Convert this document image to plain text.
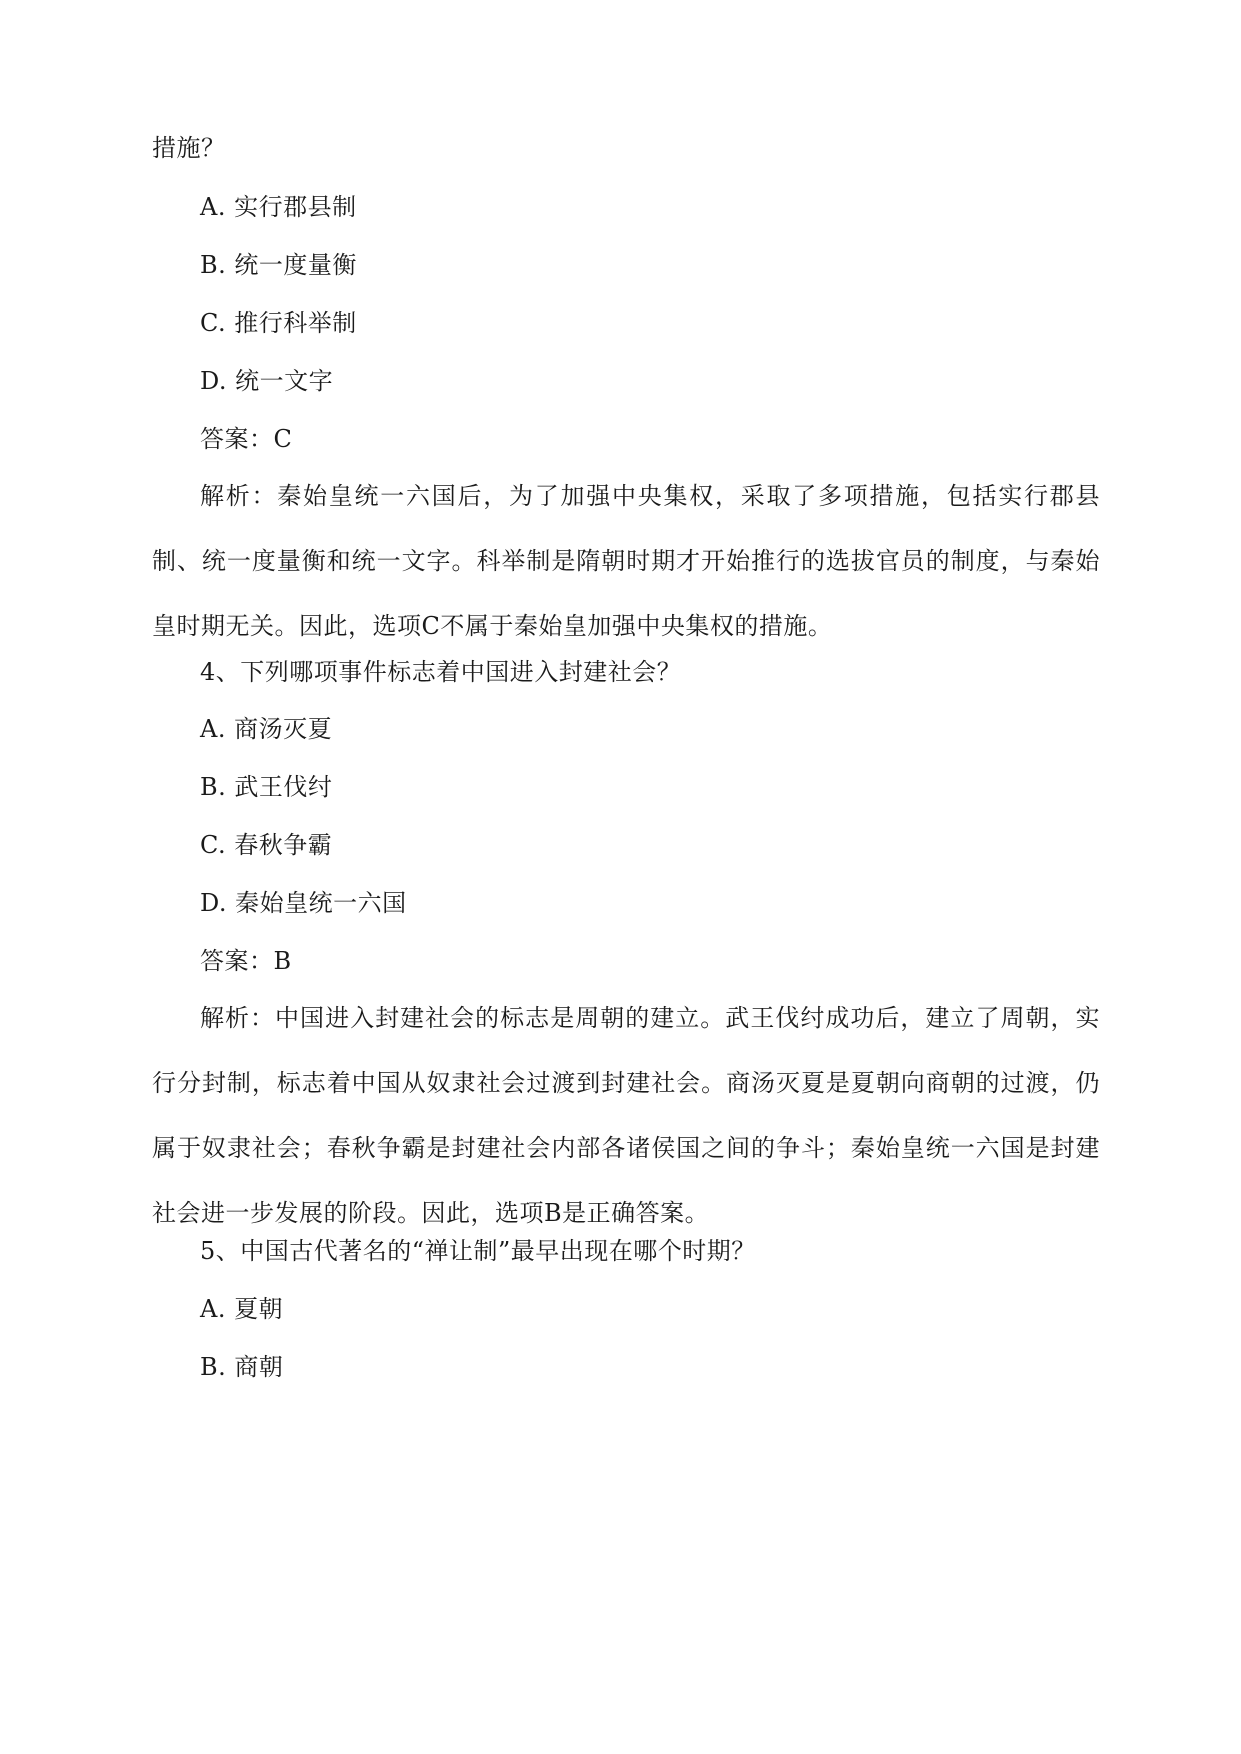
措施？
A. 实行郡县制
B. 统一度量衡
C. 推行科举制
D. 统一文字
答案：C
解析：秦始皇统一六国后，为了加强中央集权，采取了多项措施，包括实行郡县制、统一度量衡和统一文字。科举制是隋朝时期才开始推行的选拔官员的制度，与秦始皇时期无关。因此，选项C不属于秦始皇加强中央集权的措施。
4、下列哪项事件标志着中国进入封建社会？
A. 商汤灭夏
B. 武王伐纣
C. 春秋争霸
D. 秦始皇统一六国
答案：B
解析：中国进入封建社会的标志是周朝的建立。武王伐纣成功后，建立了周朝，实行分封制，标志着中国从奴隶社会过渡到封建社会。商汤灭夏是夏朝向商朝的过渡，仍属于奴隶社会；春秋争霸是封建社会内部各诸侯国之间的争斗；秦始皇统一六国是封建社会进一步发展的阶段。因此，选项B是正确答案。
5、中国古代著名的“禅让制”最早出现在哪个时期？
A. 夏朝
B. 商朝
